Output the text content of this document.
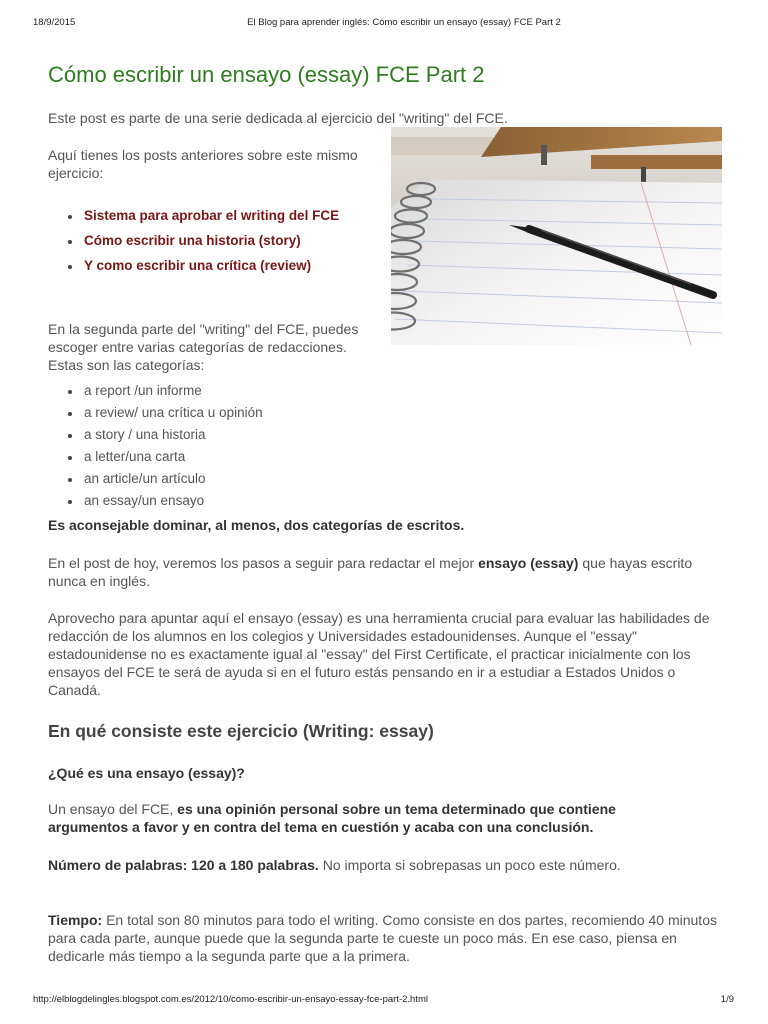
18/9/2015	El Blog para aprender inglés: Cómo escribir un ensayo (essay) FCE Part 2
Cómo escribir un ensayo (essay) FCE Part 2

Este post es parte de una serie dedicada al ejercicio del "writing" del FCE.

Aquí tienes los posts anteriores sobre este mismo
ejercicio:

Sistema para aprobar el writing del FCE
Cómo escribir una historia (story)
Y como escribir una crítica (review)

En la segunda parte del "writing" del FCE, puedes
escoger entre varias categorías de redacciones.
Estas son las categorías:

a report /un informe
a review/ una crítica u opinión
a story / una historia
a letter/una carta
an article/un artículo
an essay/un ensayo

Es aconsejable dominar, al menos, dos categorías de escritos.

En el post de hoy, veremos los pasos a seguir para redactar el mejor ensayo (essay) que hayas escrito nunca en inglés.

Aprovecho para apuntar aquí el ensayo (essay) es una herramienta crucial para evaluar las habilidades de redacción de los alumnos en los colegios y Universidades estadounidenses. Aunque el "essay" estadounidense no es exactamente igual al "essay" del First Certificate, el practicar inicialmente con los ensayos del FCE te será de ayuda si en el futuro estás pensando en ir a estudiar a Estados Unidos o Canadá.

En qué consiste este ejercicio (Writing: essay)

¿Qué es una ensayo (essay)?

Un ensayo del FCE, es una opinión personal sobre un tema determinado que contiene argumentos a favor y en contra del tema en cuestión y acaba con una conclusión.

Número de palabras: 120 a 180 palabras. No importa si sobrepasas un poco este número.

Tiempo: En total son 80 minutos para todo el writing. Como consiste en dos partes, recomiendo 40 minutos para cada parte, aunque puede que la segunda parte te cueste un poco más. En ese caso, piensa en dedicarle más tiempo a la segunda parte que a la primera.

http://elblogdelingles.blogspot.com.es/2012/10/como-escribir-un-ensayo-essay-fce-part-2.html	1/9
